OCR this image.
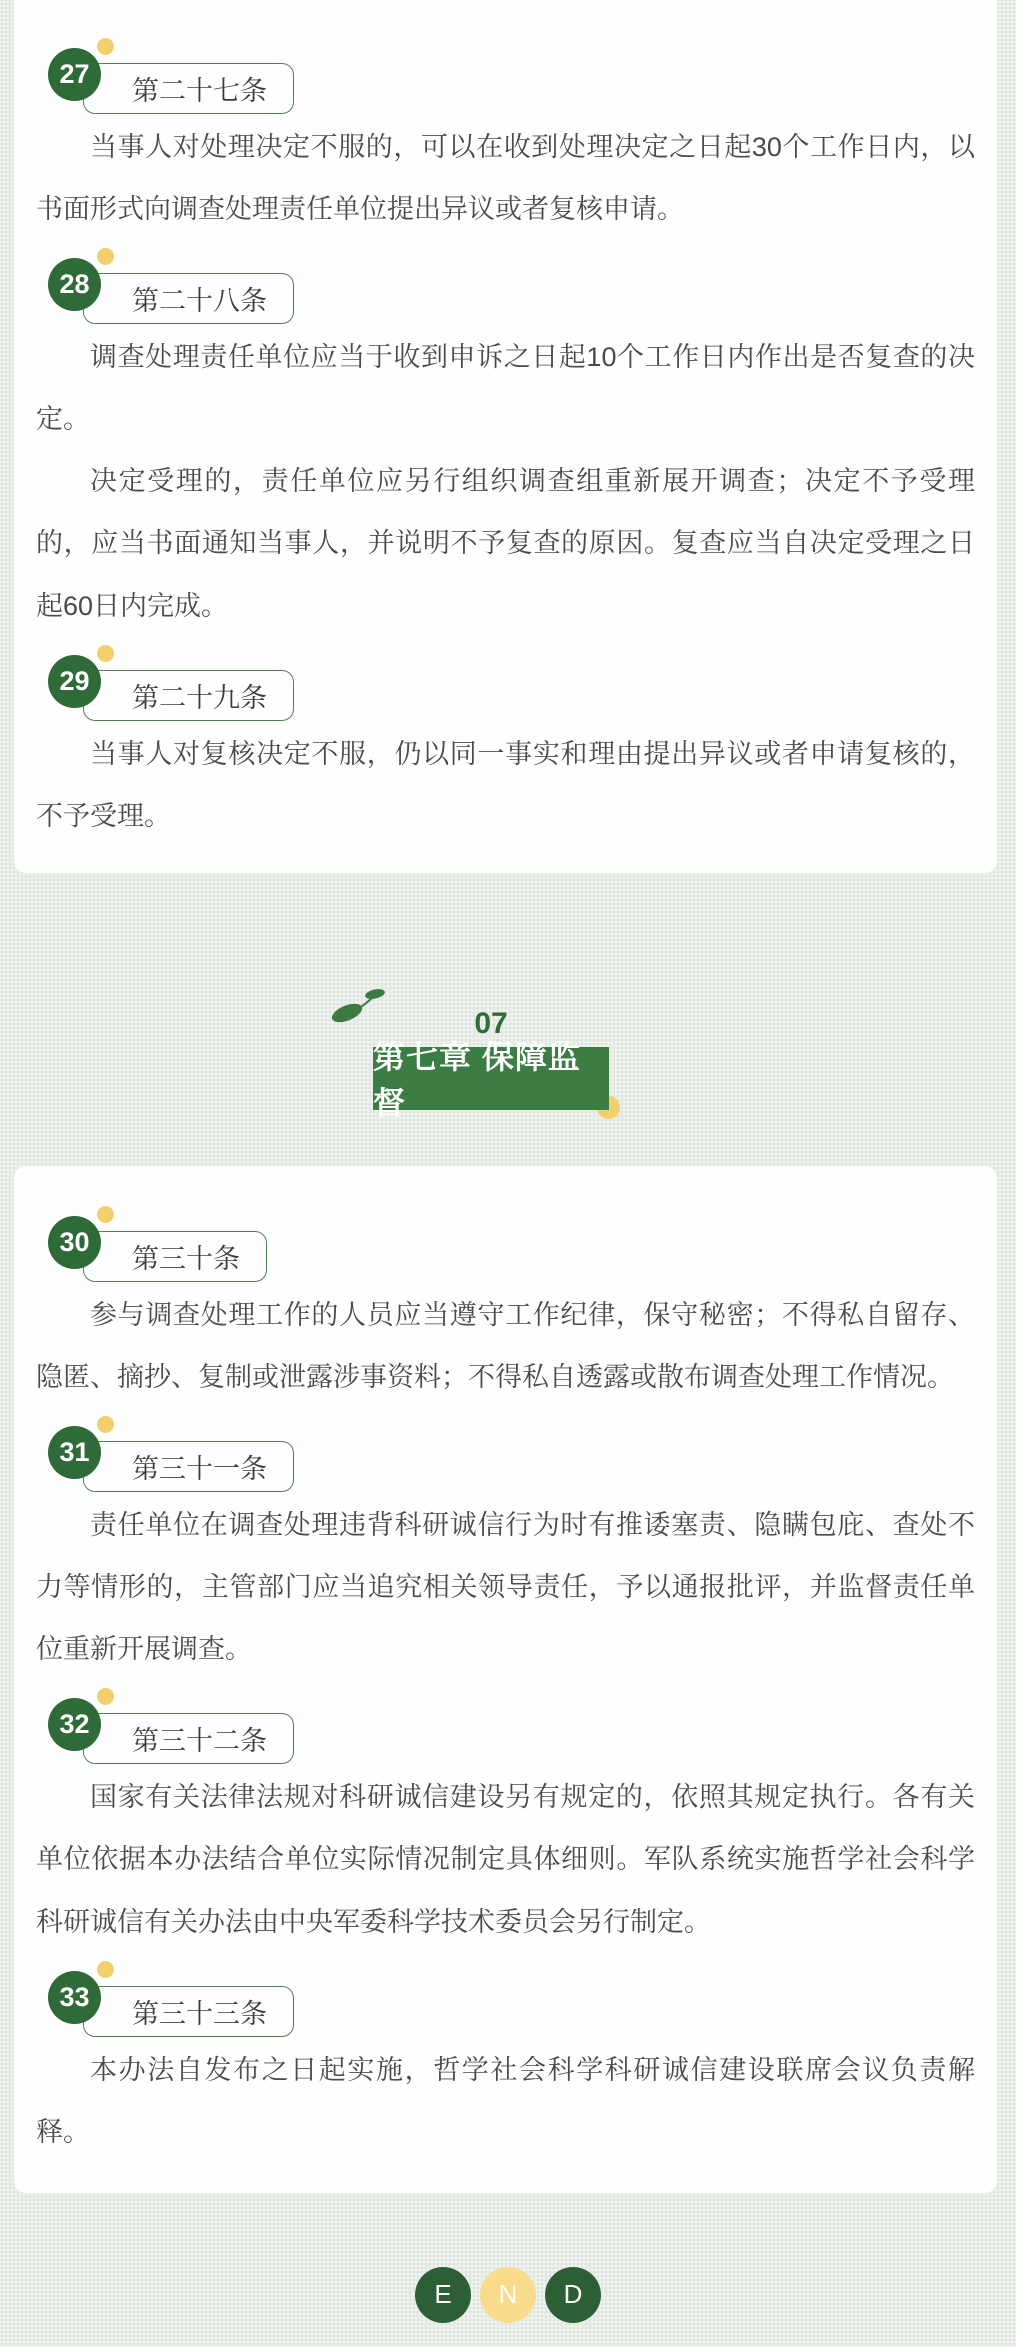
27
第二十七条

当事人对处理决定不服的，可以在收到处理决定之日起30个工作日内，以书面形式向调查处理责任单位提出异议或者复核申请。

28
第二十八条

调查处理责任单位应当于收到申诉之日起10个工作日内作出是否复查的决定。

决定受理的，责任单位应另行组织调查组重新展开调查；决定不予受理的，应当书面通知当事人，并说明不予复查的原因。复查应当自决定受理之日起60日内完成。

29
第二十九条

当事人对复核决定不服，仍以同一事实和理由提出异议或者申请复核的，不予受理。

07
第七章 保障监督
30
第三十条

参与调查处理工作的人员应当遵守工作纪律，保守秘密；不得私自留存、隐匿、摘抄、复制或泄露涉事资料；不得私自透露或散布调查处理工作情况。

31
第三十一条

责任单位在调查处理违背科研诚信行为时有推诿塞责、隐瞒包庇、查处不力等情形的，主管部门应当追究相关领导责任，予以通报批评，并监督责任单位重新开展调查。

32
第三十二条

国家有关法律法规对科研诚信建设另有规定的，依照其规定执行。各有关单位依据本办法结合单位实际情况制定具体细则。军队系统实施哲学社会科学科研诚信有关办法由中央军委科学技术委员会另行制定。

33
第三十三条

本办法自发布之日起实施，哲学社会科学科研诚信建设联席会议负责解释。

E	N	D
